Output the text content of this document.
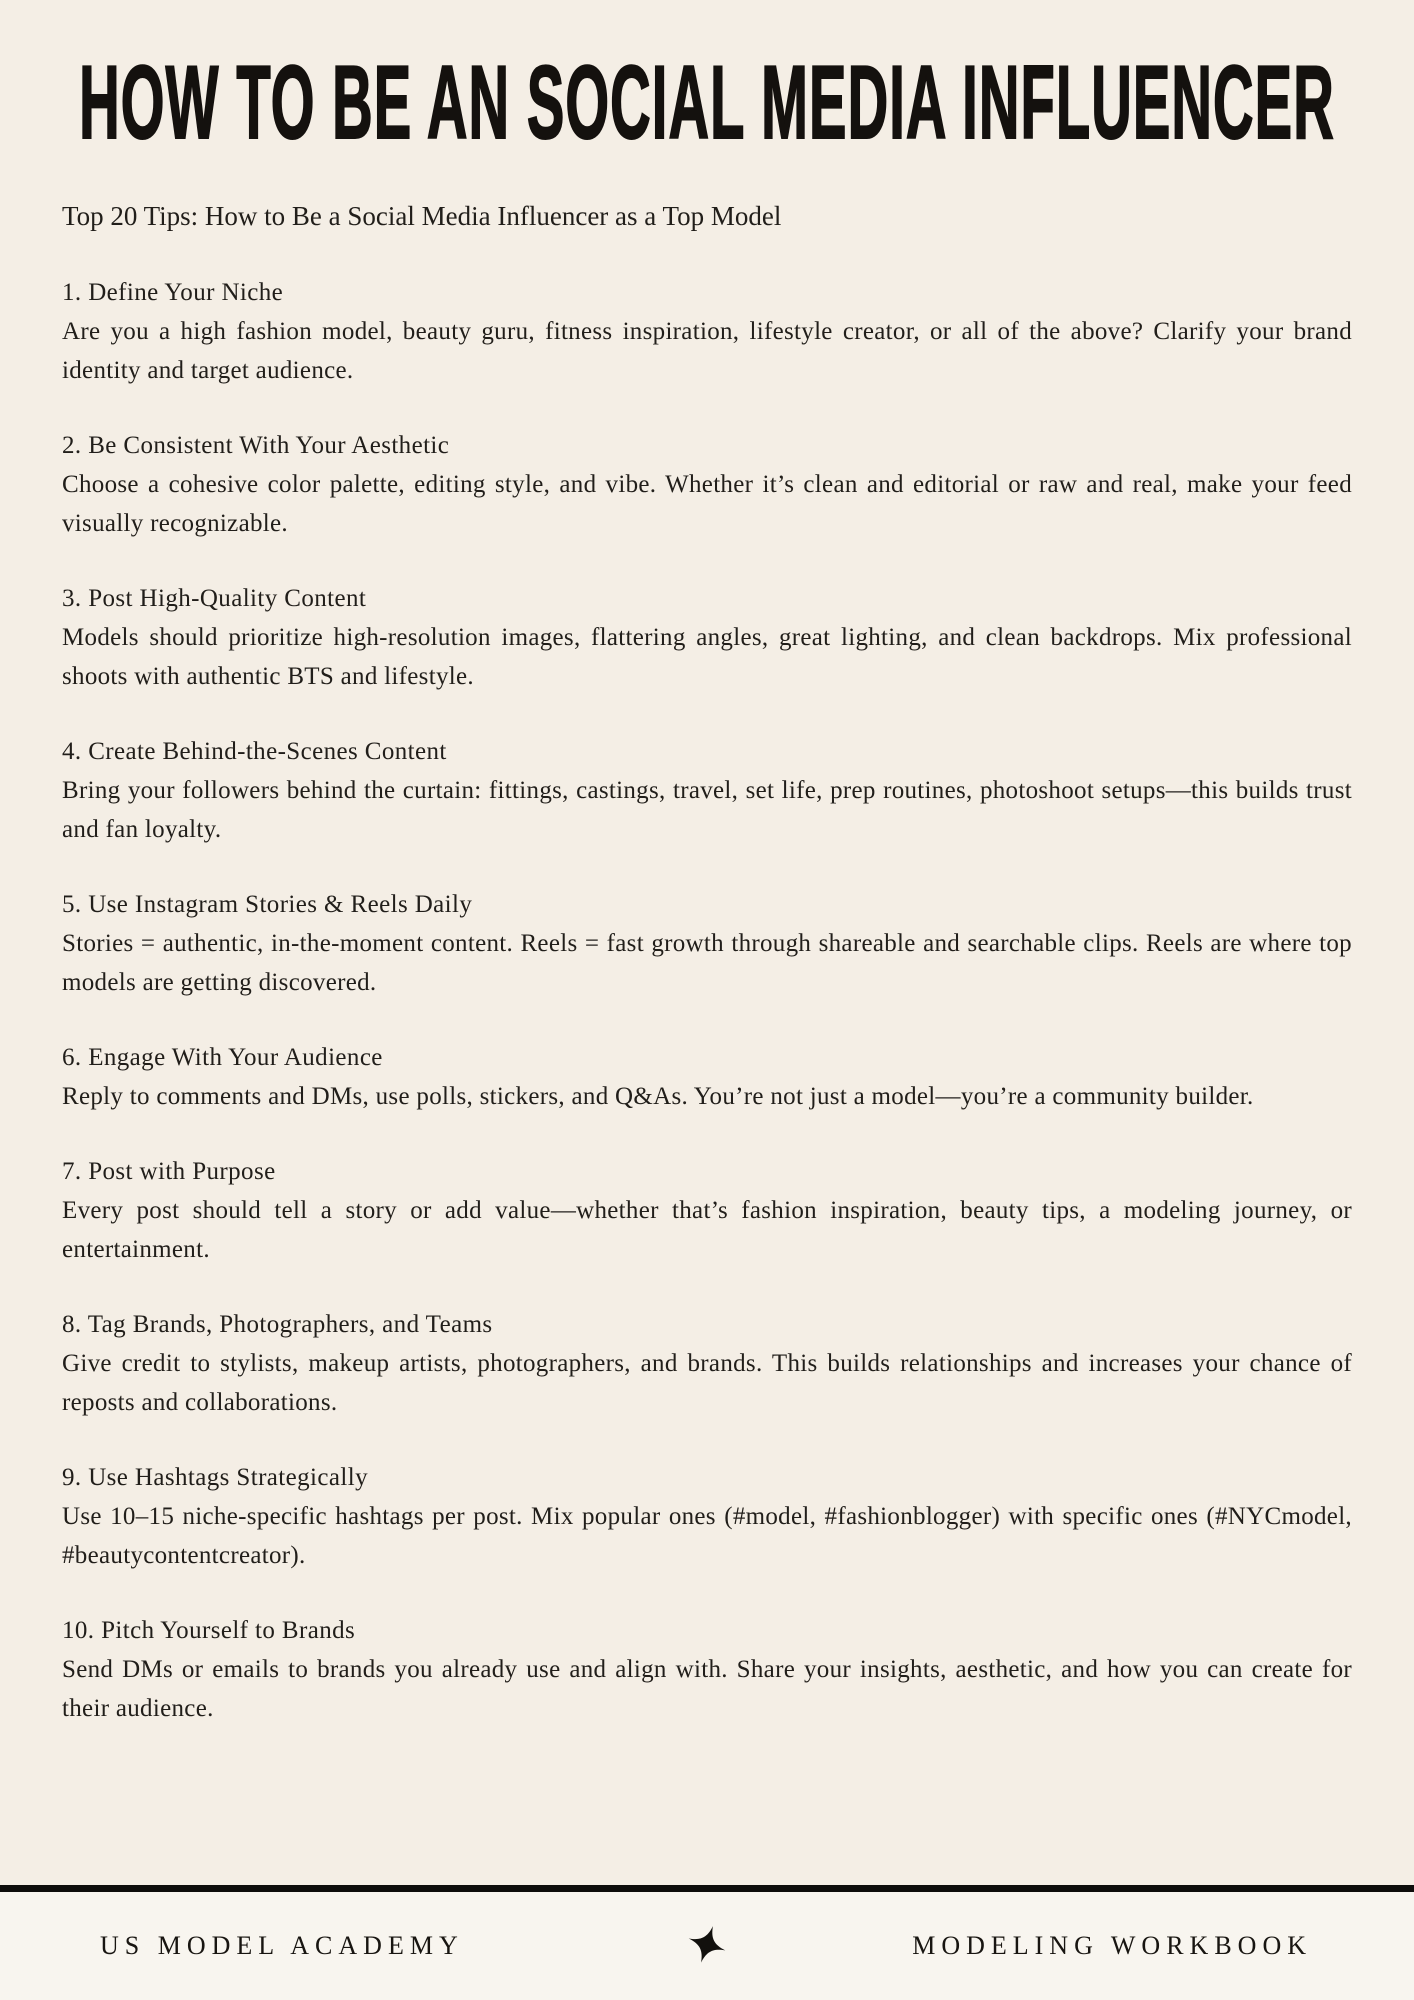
HOW TO BE AN SOCIAL MEDIA INFLUENCER

Top 20 Tips: How to Be a Social Media Influencer as a Top Model

1. Define Your Niche

Are you a high fashion model, beauty guru, fitness inspiration, lifestyle creator, or all of the above? Clarify your brand identity and target audience.

2. Be Consistent With Your Aesthetic

Choose a cohesive color palette, editing style, and vibe. Whether it’s clean and editorial or raw and real, make your feed visually recognizable.

3. Post High-Quality Content

Models should prioritize high-resolution images, flattering angles, great lighting, and clean backdrops. Mix professional shoots with authentic BTS and lifestyle.

4. Create Behind-the-Scenes Content

Bring your followers behind the curtain: fittings, castings, travel, set life, prep routines, photoshoot setups—this builds trust and fan loyalty.

5. Use Instagram Stories & Reels Daily

Stories = authentic, in-the-moment content. Reels = fast growth through shareable and searchable clips. Reels are where top models are getting discovered.

6. Engage With Your Audience

Reply to comments and DMs, use polls, stickers, and Q&As. You’re not just a model—you’re a community builder.

7. Post with Purpose

Every post should tell a story or add value—whether that’s fashion inspiration, beauty tips, a modeling journey, or entertainment.

8. Tag Brands, Photographers, and Teams

Give credit to stylists, makeup artists, photographers, and brands. This builds relationships and increases your chance of reposts and collaborations.

9. Use Hashtags Strategically

Use 10–15 niche-specific hashtags per post. Mix popular ones (#model, #fashionblogger) with specific ones (#NYCmodel, #beautycontentcreator).

10. Pitch Yourself to Brands

Send DMs or emails to brands you already use and align with. Share your insights, aesthetic, and how you can create for their audience.

US MODEL ACADEMY	MODELING WORKBOOK
